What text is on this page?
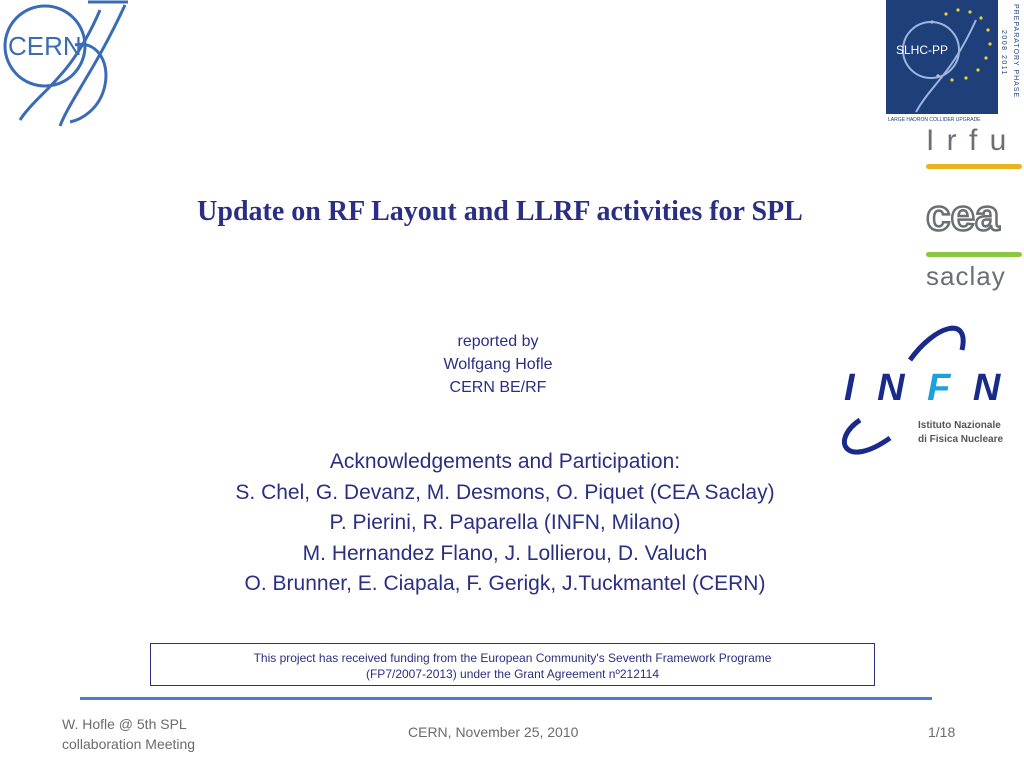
CERN	SLHC-PP
LARGE HADRON COLLIDER UPGRADE
PREPARATORY PHASE
2008 2011
I r f u
cea
saclay
I N F N
Istituto Nazionale
di Fisica Nucleare
Update on RF Layout and LLRF activities for SPL
reported by
Wolfgang Hofle
CERN BE/RF
Acknowledgements and Participation:
S. Chel, G. Devanz, M. Desmons, O. Piquet (CEA Saclay)
P. Pierini, R. Paparella (INFN, Milano)
M. Hernandez Flano, J. Lollierou, D. Valuch
O. Brunner, E. Ciapala, F. Gerigk, J.Tuckmantel (CERN)
This project has received funding from the European Community's Seventh Framework Programe
(FP7/2007-2013) under the Grant Agreement nº212114
W. Hofle @ 5th SPL
collaboration Meeting
CERN, November 25, 2010	1/18
